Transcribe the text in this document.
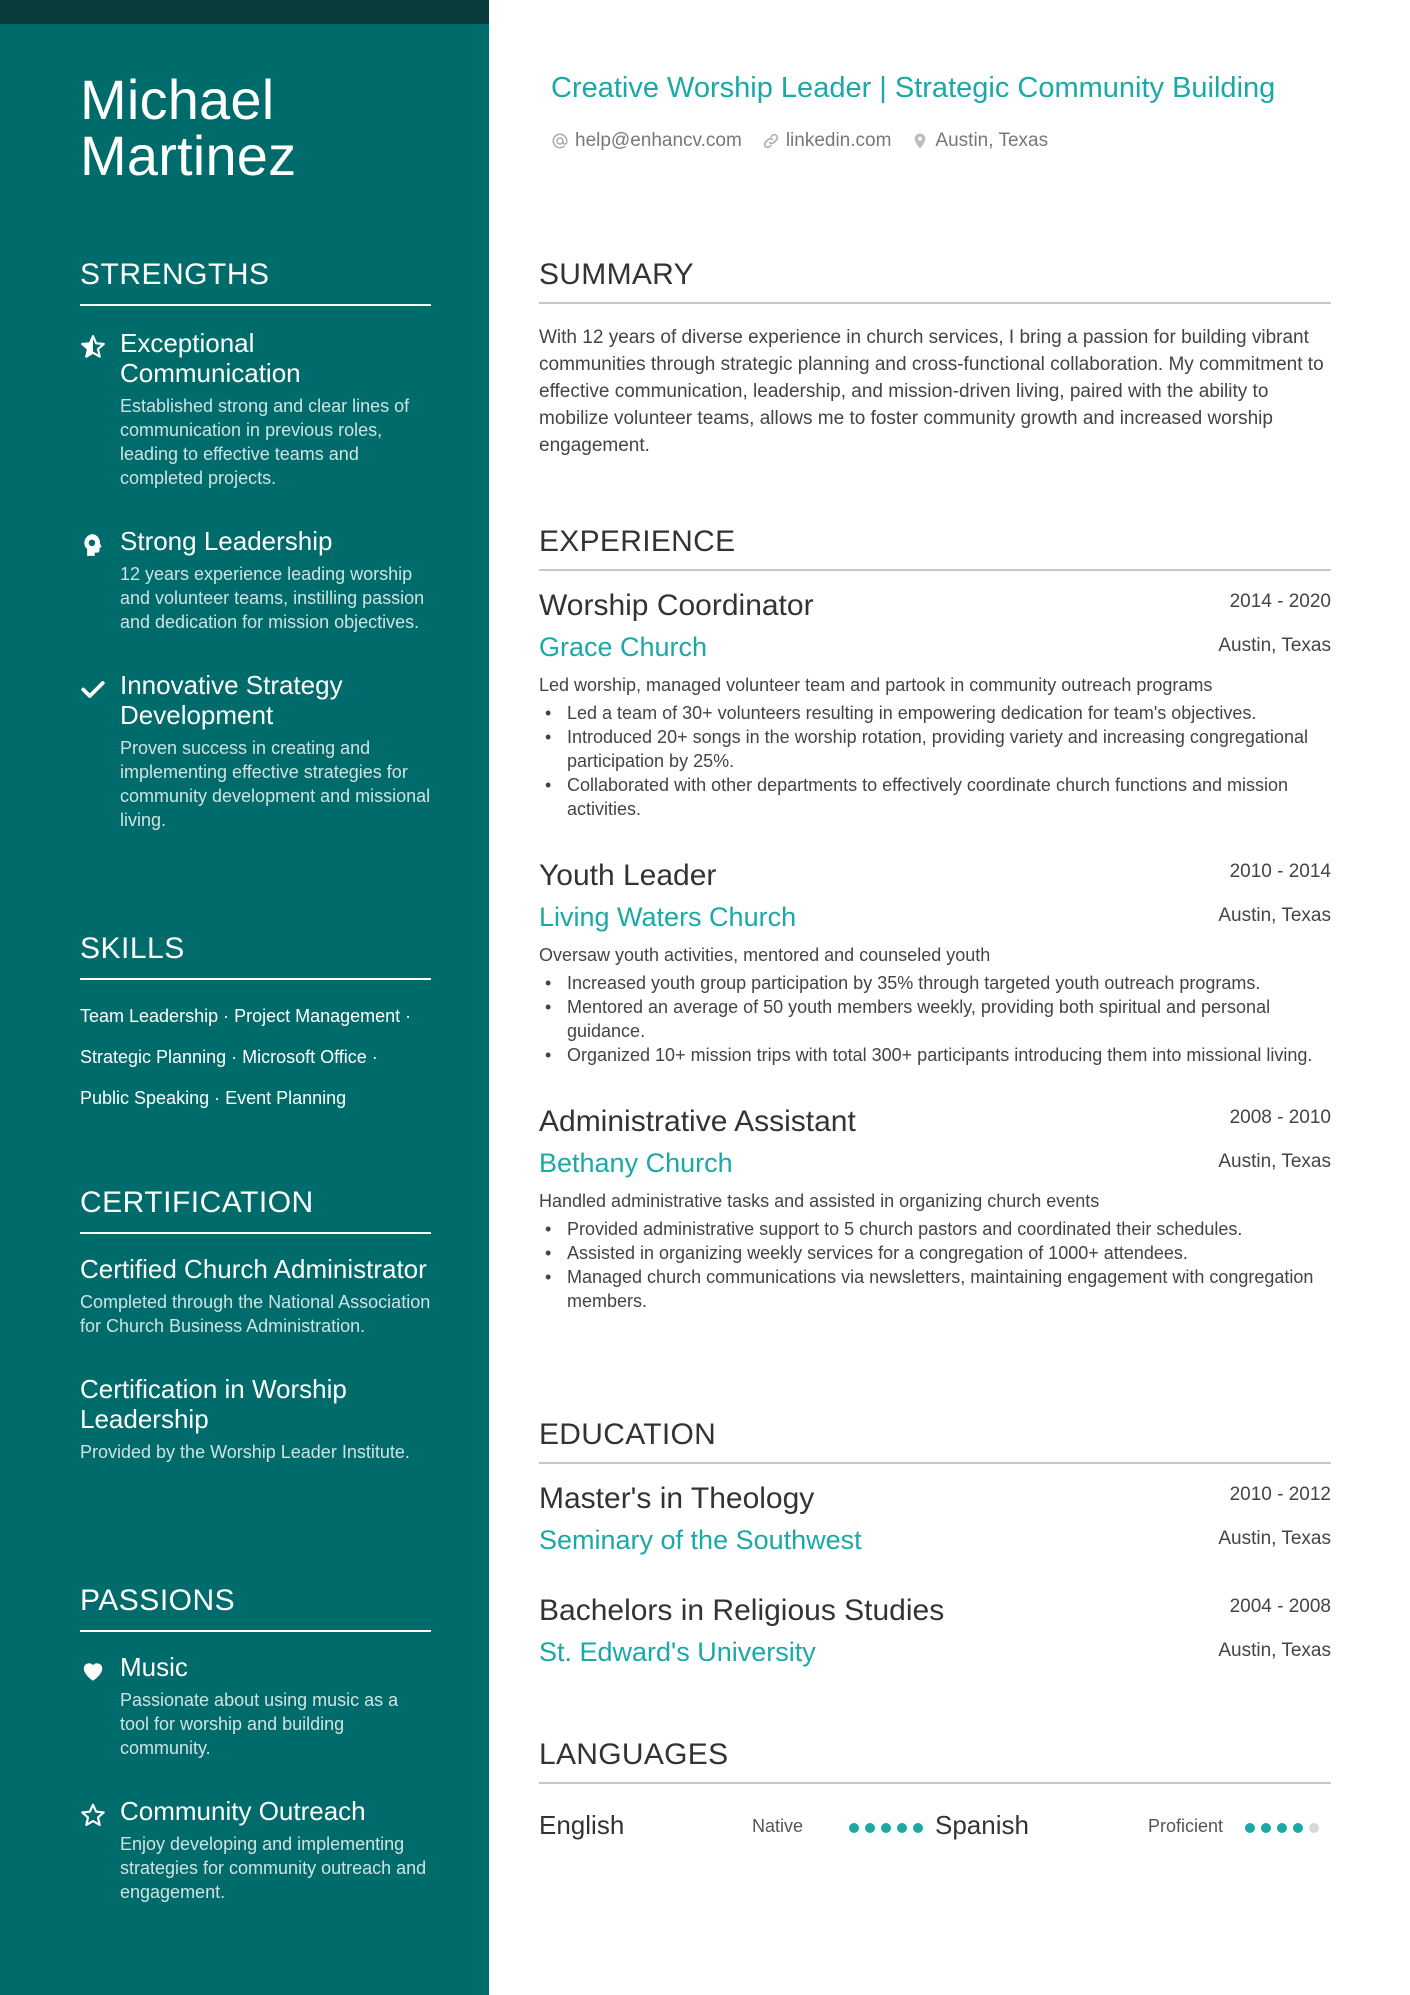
Michael
Martinez
STRENGTHS
Exceptional Communication
Established strong and clear lines of communication in previous roles, leading to effective teams and completed projects.
Strong Leadership
12 years experience leading worship and volunteer teams, instilling passion and dedication for mission objectives.
Innovative Strategy Development
Proven success in creating and implementing effective strategies for community development and missional living.
SKILLS
Team Leadership · Project Management ·
Strategic Planning · Microsoft Office ·
Public Speaking · Event Planning
CERTIFICATION
Certified Church Administrator
Completed through the National Association for Church Business Administration.
Certification in Worship Leadership
Provided by the Worship Leader Institute.
PASSIONS
Music
Passionate about using music as a tool for worship and building community.
Community Outreach
Enjoy developing and implementing strategies for community outreach and engagement.
Creative Worship Leader | Strategic Community Building
help@enhancv.com linkedin.com Austin, Texas
SUMMARY
With 12 years of diverse experience in church services, I bring a passion for building vibrant communities through strategic planning and cross-functional collaboration. My commitment to effective communication, leadership, and mission-driven living, paired with the ability to mobilize volunteer teams, allows me to foster community growth and increased worship engagement.
EXPERIENCE
Worship Coordinator	2014 - 2020
Grace Church	Austin, Texas
Led worship, managed volunteer team and partook in community outreach programs
• Led a team of 30+ volunteers resulting in empowering dedication for team's objectives.
• Introduced 20+ songs in the worship rotation, providing variety and increasing congregational participation by 25%.
• Collaborated with other departments to effectively coordinate church functions and mission activities.
Youth Leader	2010 - 2014
Living Waters Church	Austin, Texas
Oversaw youth activities, mentored and counseled youth
• Increased youth group participation by 35% through targeted youth outreach programs.
• Mentored an average of 50 youth members weekly, providing both spiritual and personal guidance.
• Organized 10+ mission trips with total 300+ participants introducing them into missional living.
Administrative Assistant	2008 - 2010
Bethany Church	Austin, Texas
Handled administrative tasks and assisted in organizing church events
• Provided administrative support to 5 church pastors and coordinated their schedules.
• Assisted in organizing weekly services for a congregation of 1000+ attendees.
• Managed church communications via newsletters, maintaining engagement with congregation members.
EDUCATION
Master's in Theology	2010 - 2012
Seminary of the Southwest	Austin, Texas
Bachelors in Religious Studies	2004 - 2008
St. Edward's University	Austin, Texas
LANGUAGES
English	Native	Spanish	Proficient
